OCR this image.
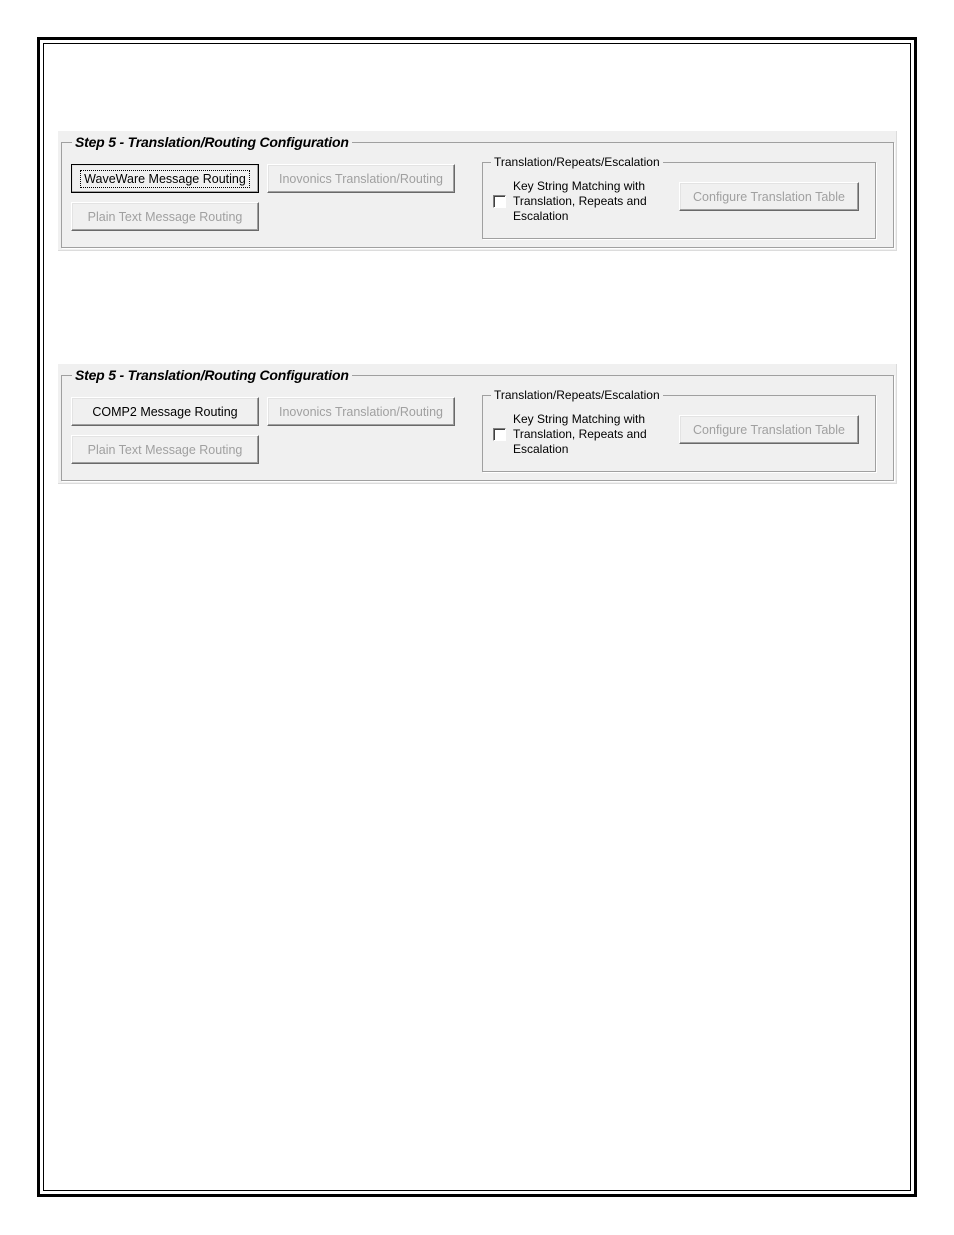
Step 5 - Translation/Routing Configuration
WaveWare Message Routing	Inovonics Translation/Routing
Plain Text Message Routing
Translation/Repeats/Escalation
Key String Matching with Translation, Repeats and Escalation
Configure Translation Table
Step 5 - Translation/Routing Configuration
COMP2 Message Routing	Inovonics Translation/Routing
Plain Text Message Routing
Translation/Repeats/Escalation
Key String Matching with Translation, Repeats and Escalation
Configure Translation Table
